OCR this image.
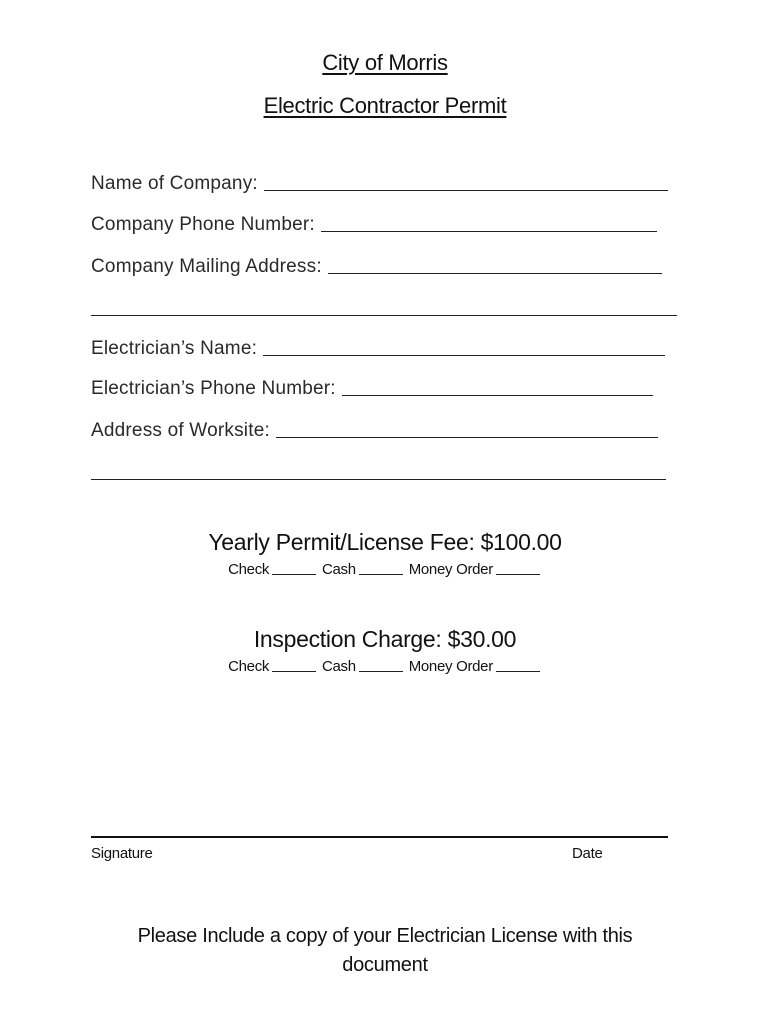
City of Morris
Electric Contractor Permit
Name of Company:
Company Phone Number:
Company Mailing Address:
Electrician’s Name:
Electrician’s Phone Number:
Address of Worksite:
Yearly Permit/License Fee: $100.00
Check	Cash	Money Order
Inspection Charge: $30.00
Check	Cash	Money Order
Signature	Date
Please Include a copy of your Electrician License with this document
